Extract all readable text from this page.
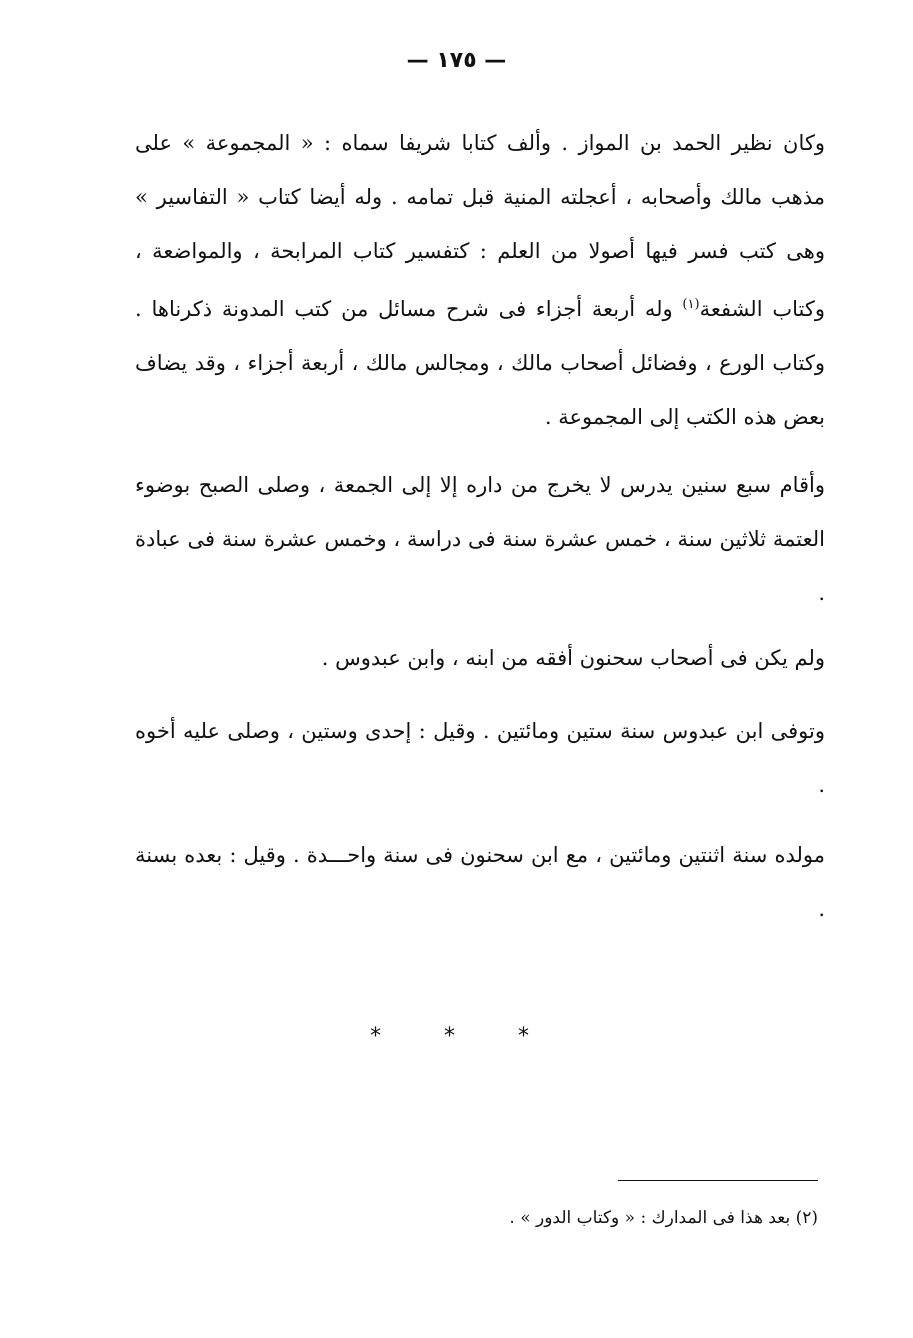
— ١٧٥ —
وكان نظير الحمد بن المواز . وألف كتابا شريفا سماه : « المجموعة » على مذهب مالك وأصحابه ، أعجلته المنية قبل تمامه . وله أيضا كتاب « التفاسير » وهى كتب فسر فيها أصولا من العلم : كتفسير كتاب المرابحة ، والمواضعة ، وكتاب الشفعة$^{(١)}$ وله أربعة أجزاء فى شرح مسائل من كتب المدونة ذكرناها . وكتاب الورع ، وفضائل أصحاب مالك ، ومجالس مالك ، أربعة أجزاء ، وقد يضاف بعض هذه الكتب إلى المجموعة .
وأقام سبع سنين يدرس لا يخرج من داره إلا إلى الجمعة ، وصلى الصبح بوضوء العتمة ثلاثين سنة ، خمس عشرة سنة فى دراسة ، وخمس عشرة سنة فى عبادة .
ولم يكن فى أصحاب سحنون أفقه من ابنه ، وابن عبدوس .
وتوفى ابن عبدوس سنة ستين ومائتين . وقيل : إحدى وستين ، وصلى عليه أخوه .
مولده سنة اثنتين ومائتين ، مع ابن سحنون فى سنة واحـــدة . وقيل : بعده بسنة .
* * *
(٢) بعد هذا فى المدارك : « وكتاب الدور » .
